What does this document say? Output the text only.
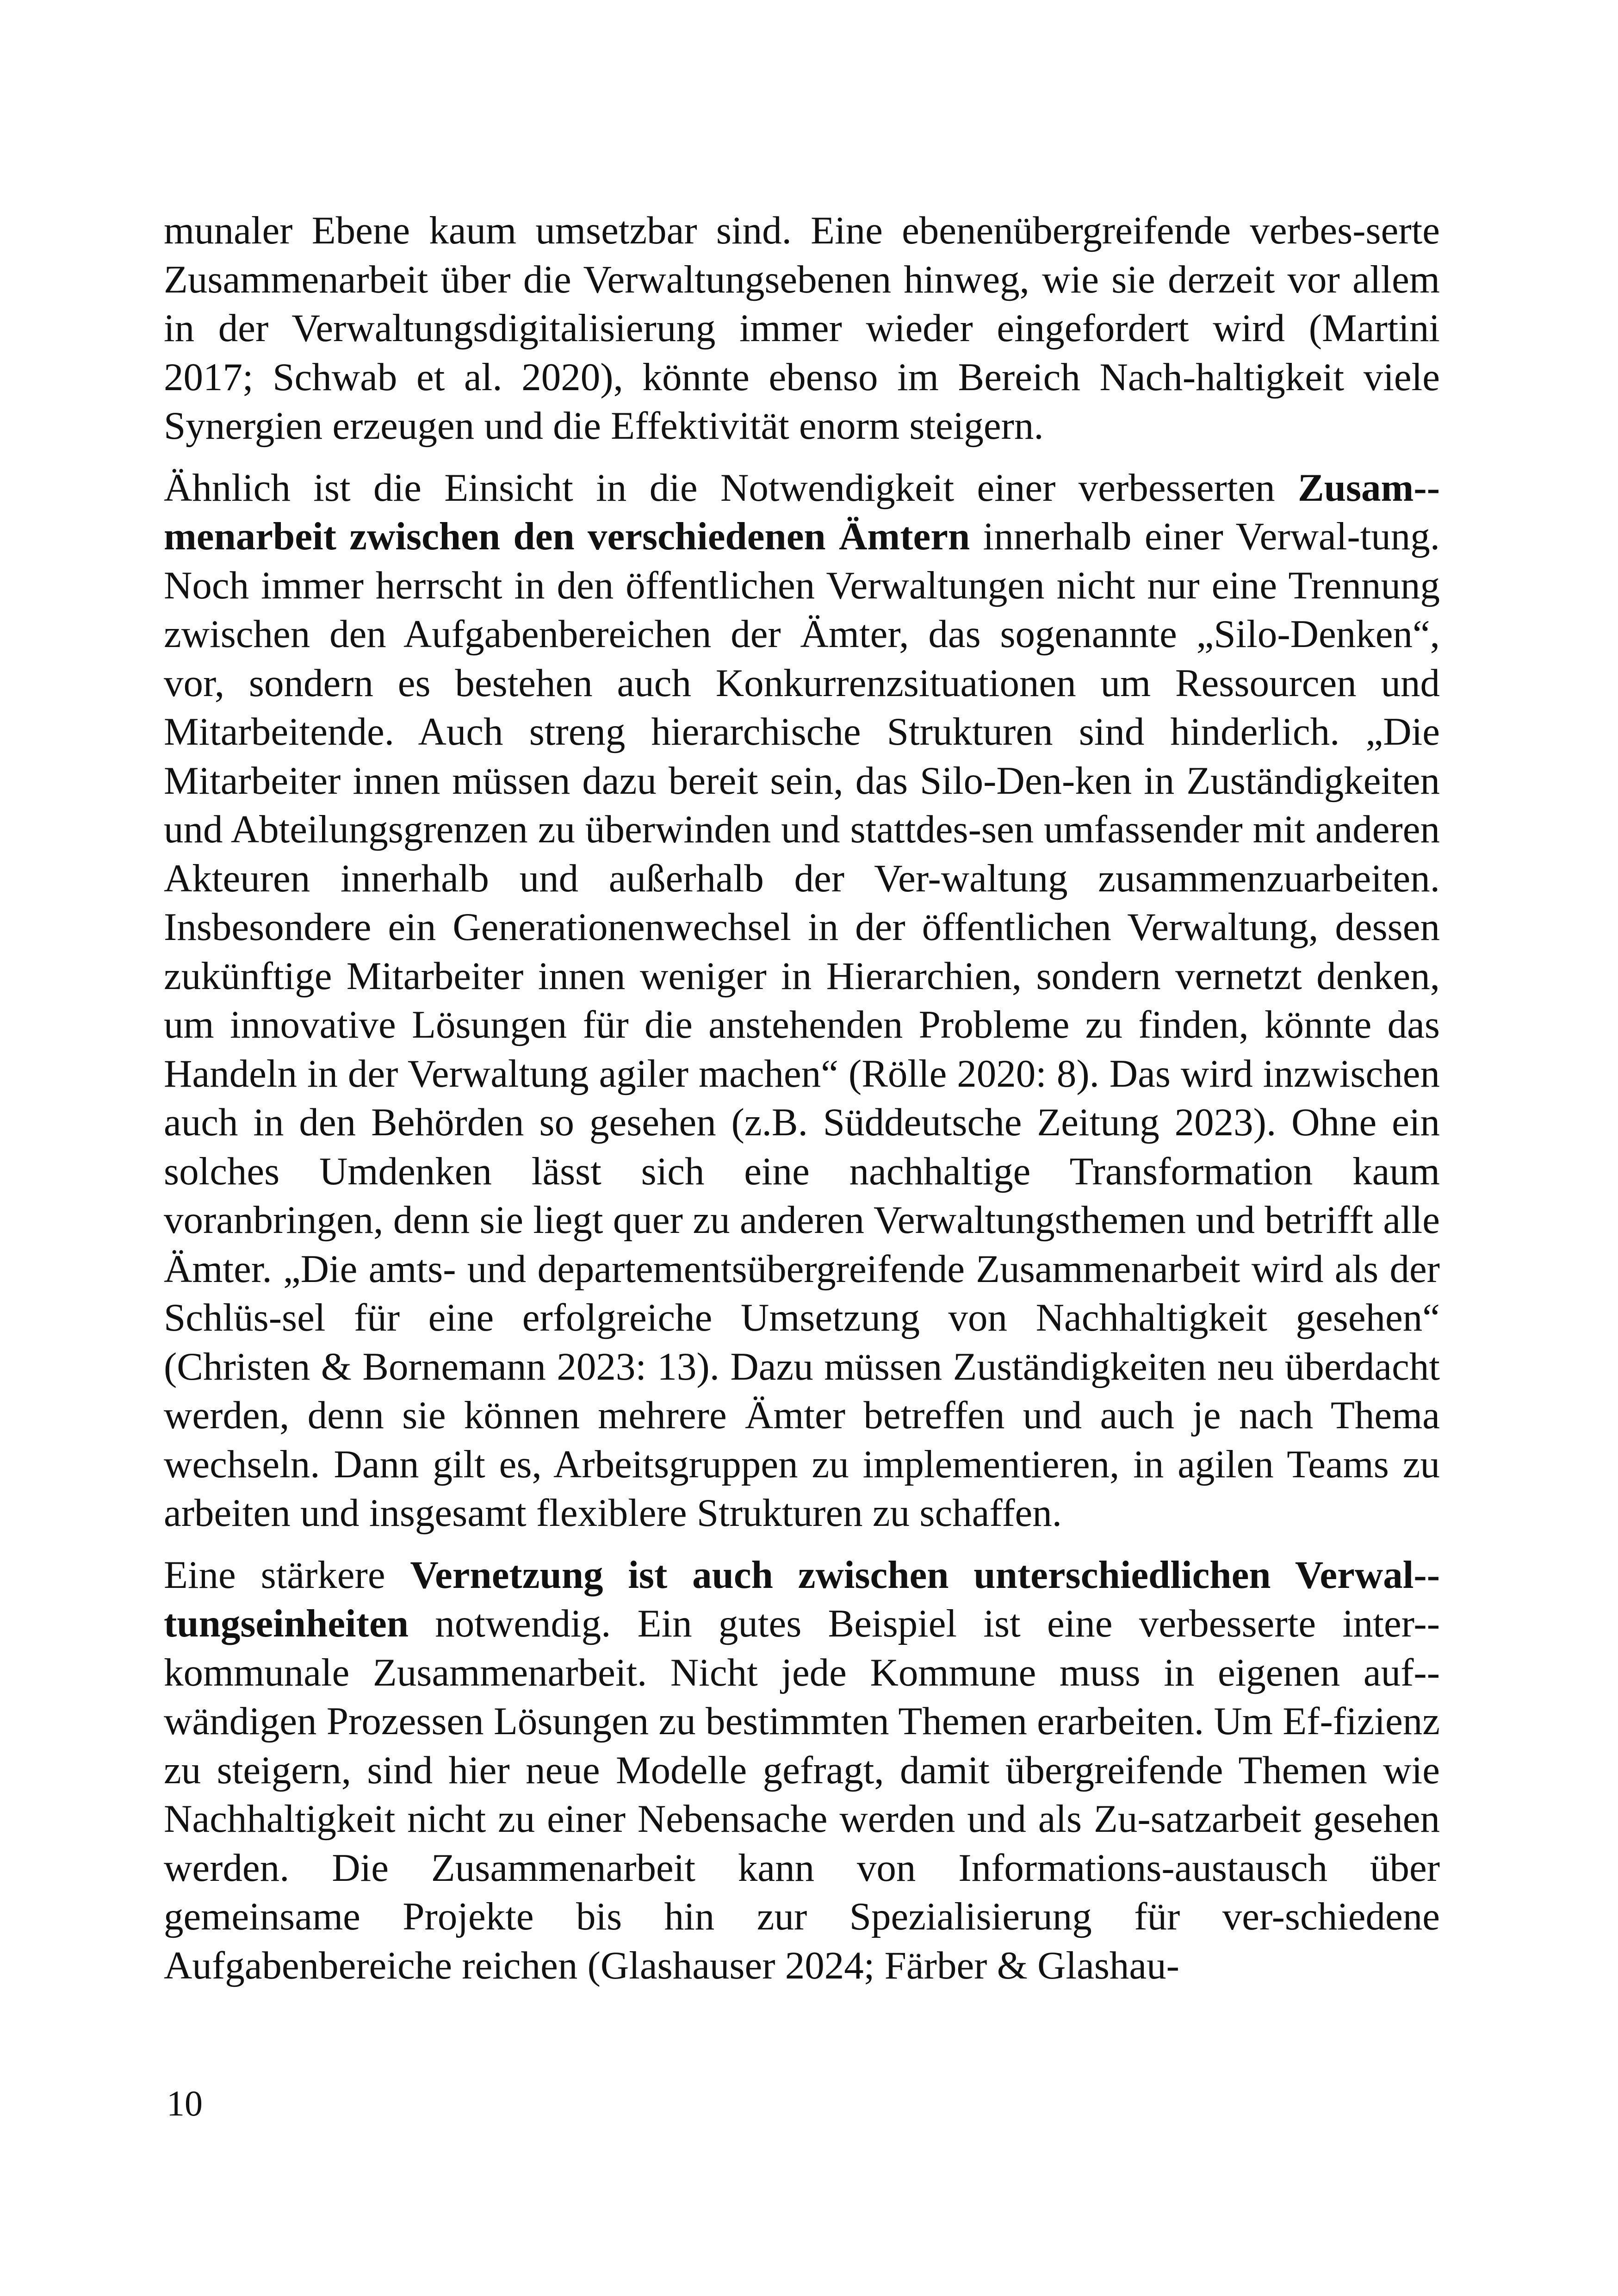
munaler Ebene kaum umsetzbar sind. Eine ebenenübergreifende verbes-serte Zusammenarbeit über die Verwaltungsebenen hinweg, wie sie derzeit vor allem in der Verwaltungsdigitalisierung immer wieder eingefordert wird (Martini 2017; Schwab et al. 2020), könnte ebenso im Bereich Nach-haltigkeit viele Synergien erzeugen und die Effektivität enorm steigern.

Ähnlich ist die Einsicht in die Notwendigkeit einer verbesserten Zusam-menarbeit zwischen den verschiedenen Ämtern innerhalb einer Verwal-tung. Noch immer herrscht in den öffentlichen Verwaltungen nicht nur eine Trennung zwischen den Aufgabenbereichen der Ämter, das sogenannte „Silo-Denken“, vor, sondern es bestehen auch Konkurrenzsituationen um Ressourcen und Mitarbeitende. Auch streng hierarchische Strukturen sind hinderlich. „Die Mitarbeiter innen müssen dazu bereit sein, das Silo-Den-ken in Zuständigkeiten und Abteilungsgrenzen zu überwinden und stattdes-sen umfassender mit anderen Akteuren innerhalb und außerhalb der Ver-waltung zusammenzuarbeiten. Insbesondere ein Generationenwechsel in der öffentlichen Verwaltung, dessen zukünftige Mitarbeiter innen weniger in Hierarchien, sondern vernetzt denken, um innovative Lösungen für die anstehenden Probleme zu finden, könnte das Handeln in der Verwaltung agiler machen“ (Rölle 2020: 8). Das wird inzwischen auch in den Behörden so gesehen (z.B. Süddeutsche Zeitung 2023). Ohne ein solches Umdenken lässt sich eine nachhaltige Transformation kaum voranbringen, denn sie liegt quer zu anderen Verwaltungsthemen und betrifft alle Ämter. „Die amts- und departementsübergreifende Zusammenarbeit wird als der Schlüs-sel für eine erfolgreiche Umsetzung von Nachhaltigkeit gesehen“ (Christen & Bornemann 2023: 13). Dazu müssen Zuständigkeiten neu überdacht werden, denn sie können mehrere Ämter betreffen und auch je nach Thema wechseln. Dann gilt es, Arbeitsgruppen zu implementieren, in agilen Teams zu arbeiten und insgesamt flexiblere Strukturen zu schaffen.

Eine stärkere Vernetzung ist auch zwischen unterschiedlichen Verwal-tungseinheiten notwendig. Ein gutes Beispiel ist eine verbesserte inter-kommunale Zusammenarbeit. Nicht jede Kommune muss in eigenen auf-wändigen Prozessen Lösungen zu bestimmten Themen erarbeiten. Um Ef-fizienz zu steigern, sind hier neue Modelle gefragt, damit übergreifende Themen wie Nachhaltigkeit nicht zu einer Nebensache werden und als Zu-satzarbeit gesehen werden. Die Zusammenarbeit kann von Informations-austausch über gemeinsame Projekte bis hin zur Spezialisierung für ver-schiedene Aufgabenbereiche reichen (Glashauser 2024; Färber & Glashau-

10
